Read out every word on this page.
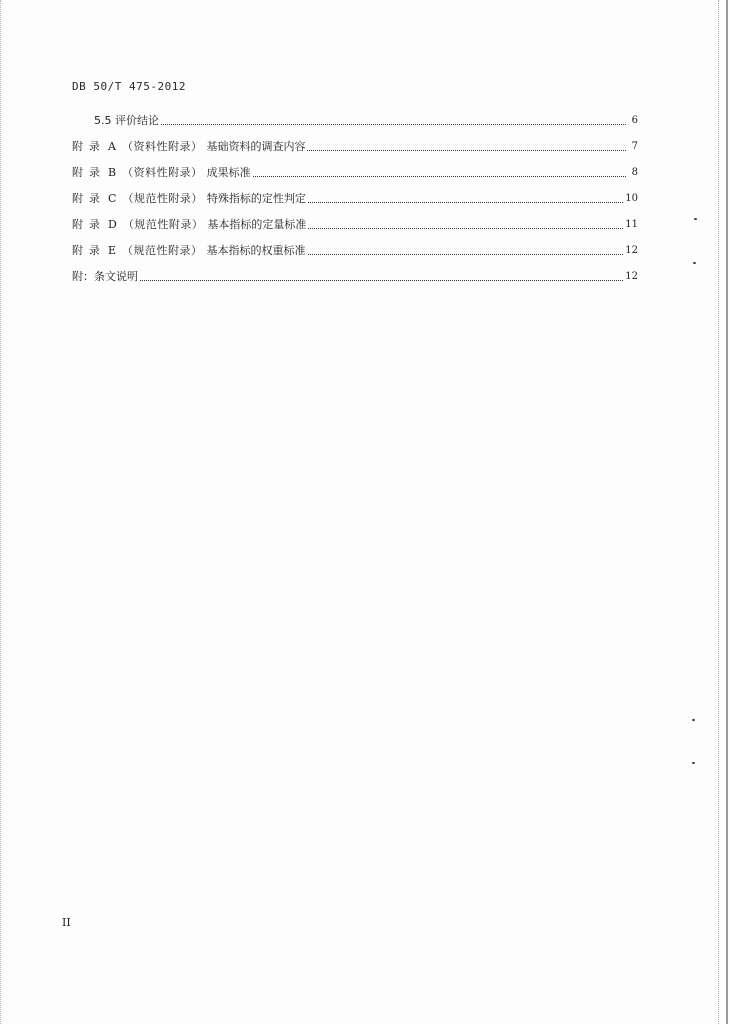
DB 50/T 475-2012
5.5 评价结论	6
附录 A （资料性附录） 基础资料的调查内容	7
附录 B （资料性附录） 成果标准	8
附录 C （规范性附录） 特殊指标的定性判定	10
附录 D （规范性附录） 基本指标的定量标准	11
附录 E （规范性附录） 基本指标的权重标准	12
附：条文说明	12
II
